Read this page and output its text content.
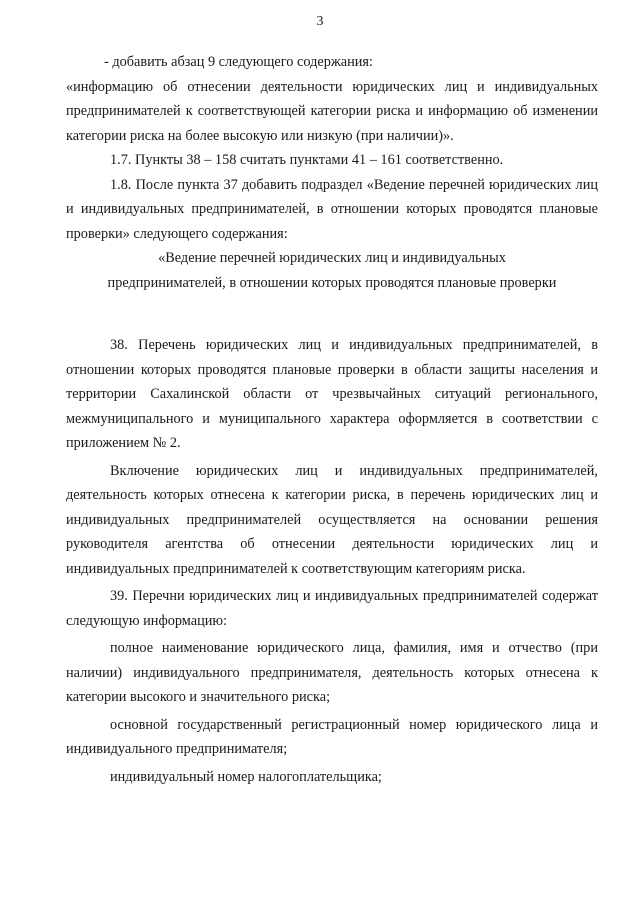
3

- добавить абзац 9 следующего содержания:

«информацию об отнесении деятельности юридических лиц и индивидуальных предпринимателей к соответствующей категории риска и информацию об изменении категории риска на более высокую или низкую (при наличии)».

1.7. Пункты 38 – 158 считать пунктами 41 – 161 соответственно.

1.8. После пункта 37 добавить подраздел «Ведение перечней юридических лиц и индивидуальных предпринимателей, в отношении которых проводятся плановые проверки» следующего содержания:

«Ведение перечней юридических лиц и индивидуальных предпринимателей, в отношении которых проводятся плановые проверки

38. Перечень юридических лиц и индивидуальных предпринимателей, в отношении которых проводятся плановые проверки в области защиты населения и территории Сахалинской области от чрезвычайных ситуаций регионального, межмуниципального и муниципального характера оформляется в соответствии с приложением № 2.

Включение юридических лиц и индивидуальных предпринимателей, деятельность которых отнесена к категории риска, в перечень юридических лиц и индивидуальных предпринимателей осуществляется на основании решения руководителя агентства об отнесении деятельности юридических лиц и индивидуальных предпринимателей к соответствующим категориям риска.

39. Перечни юридических лиц и индивидуальных предпринимателей содержат следующую информацию:

полное наименование юридического лица, фамилия, имя и отчество (при наличии) индивидуального предпринимателя, деятельность которых отнесена к категории высокого и значительного риска;

основной государственный регистрационный номер юридического лица и индивидуального предпринимателя;

индивидуальный номер налогоплательщика;
